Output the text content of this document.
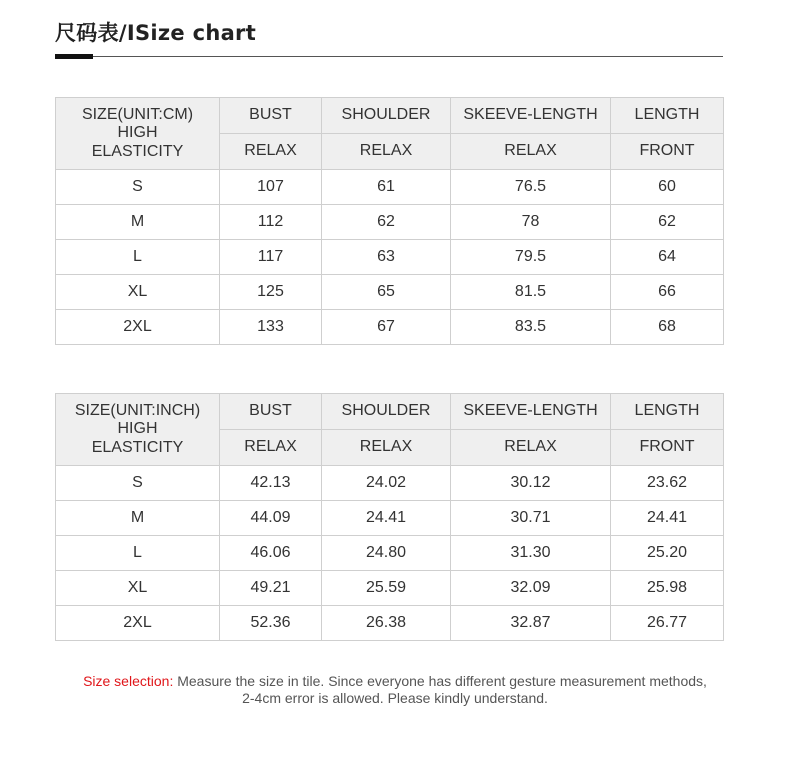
尺码表/ISize chart
SIZE(UNIT:CM)
HIGH
ELASTICITY	BUST	SHOULDER	SKEEVE-LENGTH	LENGTH
	RELAX	RELAX	RELAX	FRONT
S	107	61	76.5	60
M	112	62	78	62
L	117	63	79.5	64
XL	125	65	81.5	66
2XL	133	67	83.5	68
SIZE(UNIT:INCH)
HIGH
ELASTICITY	BUST	SHOULDER	SKEEVE-LENGTH	LENGTH
	RELAX	RELAX	RELAX	FRONT
S	42.13	24.02	30.12	23.62
M	44.09	24.41	30.71	24.41
L	46.06	24.80	31.30	25.20
XL	49.21	25.59	32.09	25.98
2XL	52.36	26.38	32.87	26.77
Size selection: Measure the size in tile. Since everyone has different gesture measurement methods,
2-4cm error is allowed. Please kindly understand.
